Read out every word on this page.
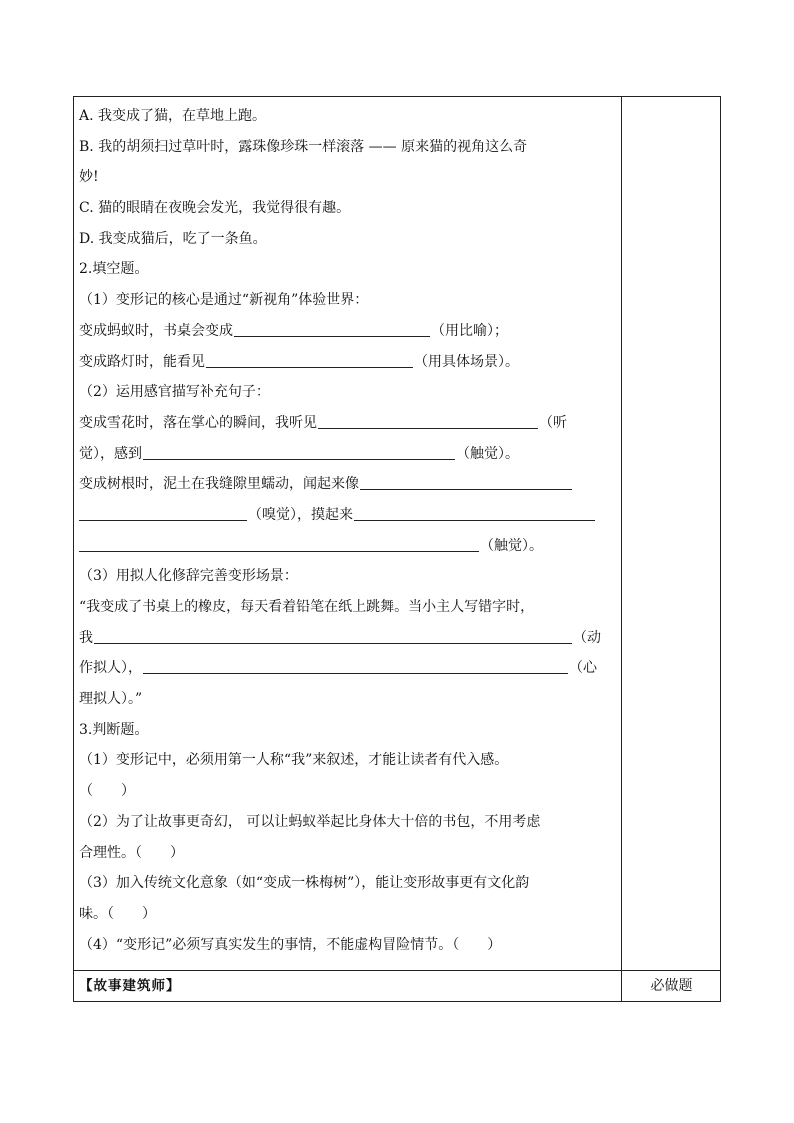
A. 我变成了猫，在草地上跑。
B. 我的胡须扫过草叶时，露珠像珍珠一样滚落 —— 原来猫的视角这么奇
妙!
C. 猫的眼睛在夜晚会发光，我觉得很有趣。
D. 我变成猫后，吃了一条鱼。
2.填空题。
（1）变形记的核心是通过“新视角”体验世界：
变成蚂蚁时，书桌会变成	（用比喻）；
变成路灯时，能看见	（用具体场景）。
（2）运用感官描写补充句子：
变成雪花时，落在掌心的瞬间，我听见	（听
觉），感到	（触觉）。
变成树根时，泥土在我缝隙里蠕动，闻起来像
（嗅觉），摸起来
（触觉）。
（3）用拟人化修辞完善变形场景：
“我变成了书桌上的橡皮，每天看着铅笔在纸上跳舞。当小主人写错字时，
我	（动
作拟人），	（心
理拟人）。”
3.判断题。
（1）变形记中，必须用第一人称“我”来叙述，才能让读者有代入感。
（　　）
（2）为了让故事更奇幻， 可以让蚂蚁举起比身体大十倍的书包，不用考虑
合理性。（　　）
（3）加入传统文化意象（如“变成一株梅树”），能让变形故事更有文化韵
味。（　　）
（4）“变形记”必须写真实发生的事情，不能虚构冒险情节。（　　）
【故事建筑师】	必做题
